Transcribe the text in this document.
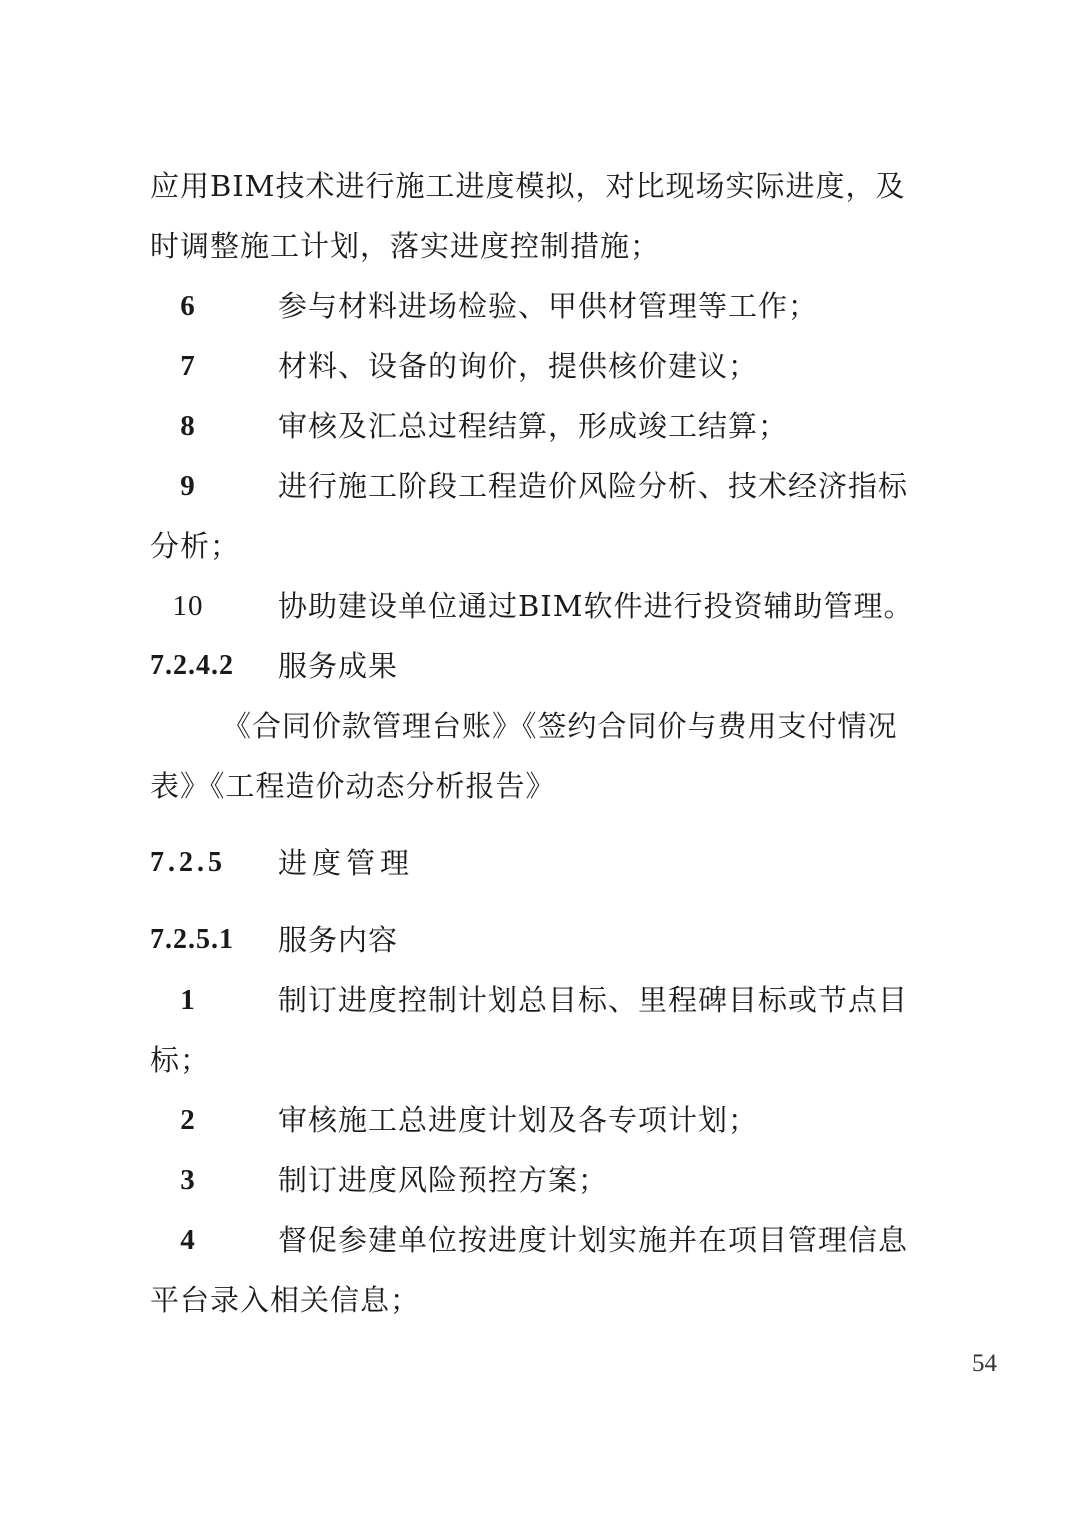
应用BIM技术进行施工进度模拟，对比现场实际进度，及
时调整施工计划，落实进度控制措施；
6	参与材料进场检验、甲供材管理等工作；
7	材料、设备的询价，提供核价建议；
8	审核及汇总过程结算，形成竣工结算；
9	进行施工阶段工程造价风险分析、技术经济指标
分析；
10	协助建设单位通过BIM软件进行投资辅助管理。
7.2.4.2 服务成果
《合同价款管理台账》《签约合同价与费用支付情况
表》《工程造价动态分析报告》
7.2.5 进度管理
7.2.5.1 服务内容
1	制订进度控制计划总目标、里程碑目标或节点目
标；
2	审核施工总进度计划及各专项计划；
3	制订进度风险预控方案；
4	督促参建单位按进度计划实施并在项目管理信息
平台录入相关信息；
54
